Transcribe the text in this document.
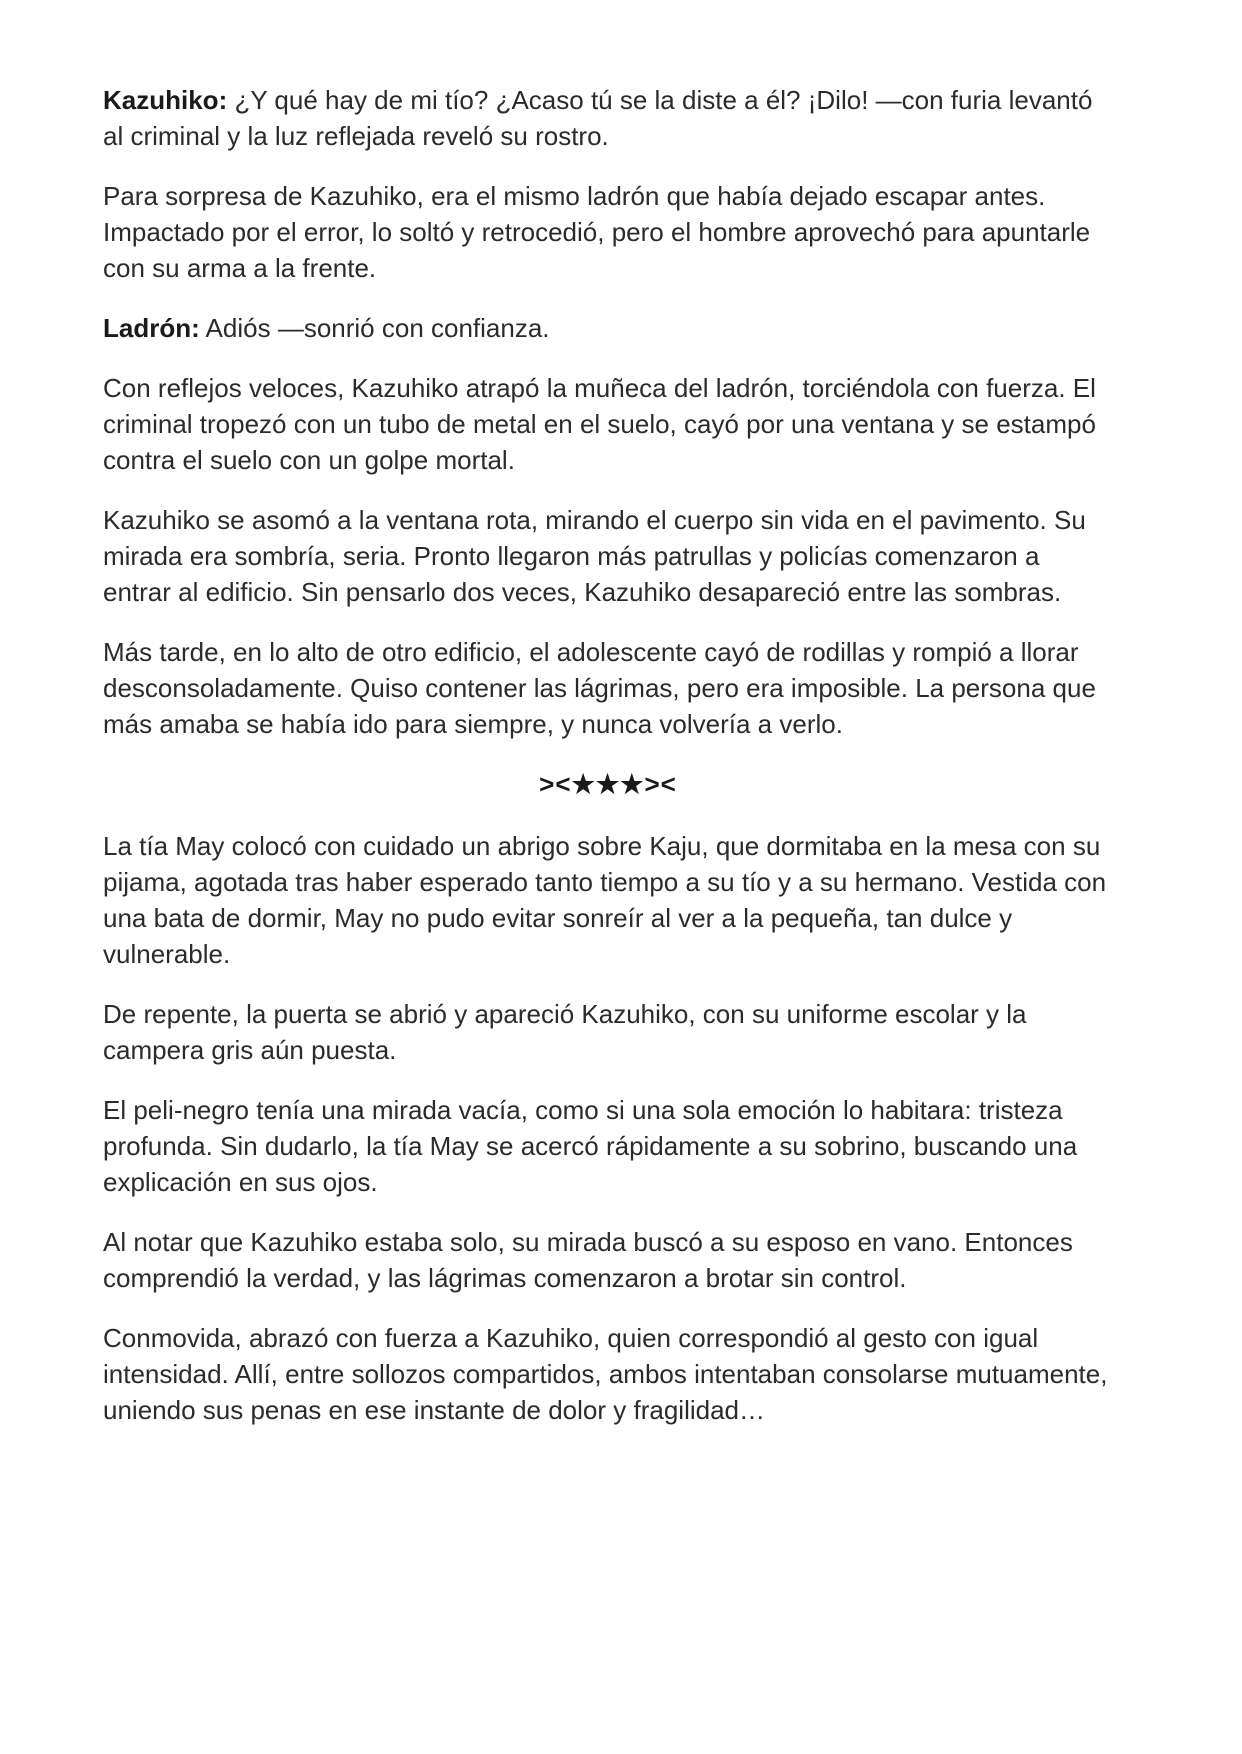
Kazuhiko: ¿Y qué hay de mi tío? ¿Acaso tú se la diste a él? ¡Dilo! —con furia levantó al criminal y la luz reflejada reveló su rostro.

Para sorpresa de Kazuhiko, era el mismo ladrón que había dejado escapar antes. Impactado por el error, lo soltó y retrocedió, pero el hombre aprovechó para apuntarle con su arma a la frente.

Ladrón: Adiós —sonrió con confianza.

Con reflejos veloces, Kazuhiko atrapó la muñeca del ladrón, torciéndola con fuerza. El criminal tropezó con un tubo de metal en el suelo, cayó por una ventana y se estampó contra el suelo con un golpe mortal.

Kazuhiko se asomó a la ventana rota, mirando el cuerpo sin vida en el pavimento. Su mirada era sombría, seria. Pronto llegaron más patrullas y policías comenzaron a entrar al edificio. Sin pensarlo dos veces, Kazuhiko desapareció entre las sombras.

Más tarde, en lo alto de otro edificio, el adolescente cayó de rodillas y rompió a llorar desconsoladamente. Quiso contener las lágrimas, pero era imposible. La persona que más amaba se había ido para siempre, y nunca volvería a verlo.

><★★★><

La tía May colocó con cuidado un abrigo sobre Kaju, que dormitaba en la mesa con su pijama, agotada tras haber esperado tanto tiempo a su tío y a su hermano. Vestida con una bata de dormir, May no pudo evitar sonreír al ver a la pequeña, tan dulce y vulnerable.

De repente, la puerta se abrió y apareció Kazuhiko, con su uniforme escolar y la campera gris aún puesta.

El peli-negro tenía una mirada vacía, como si una sola emoción lo habitara: tristeza profunda. Sin dudarlo, la tía May se acercó rápidamente a su sobrino, buscando una explicación en sus ojos.

Al notar que Kazuhiko estaba solo, su mirada buscó a su esposo en vano. Entonces comprendió la verdad, y las lágrimas comenzaron a brotar sin control.

Conmovida, abrazó con fuerza a Kazuhiko, quien correspondió al gesto con igual intensidad. Allí, entre sollozos compartidos, ambos intentaban consolarse mutuamente, uniendo sus penas en ese instante de dolor y fragilidad…
